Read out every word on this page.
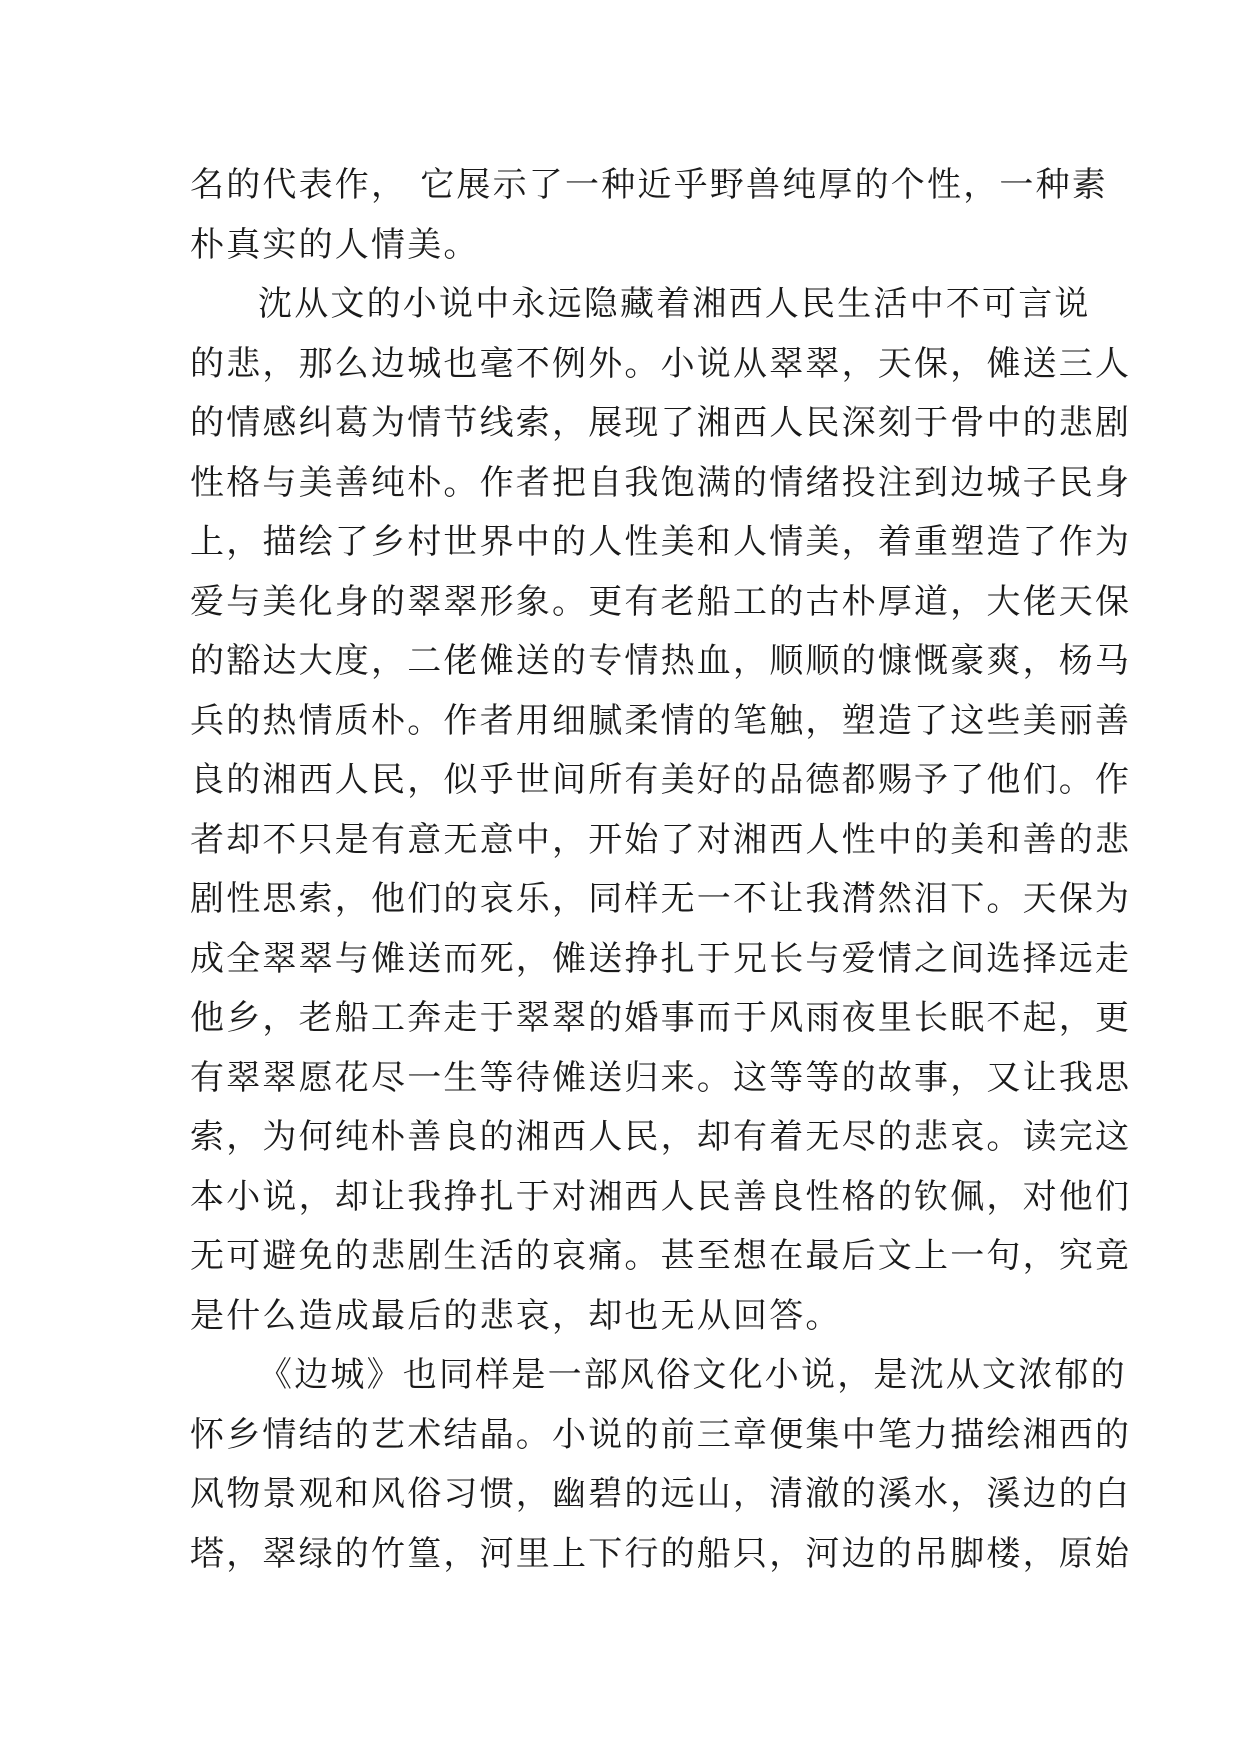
名的代表作， 它展示了一种近乎野兽纯厚的个性，一种素
朴真实的人情美。

沈从文的小说中永远隐藏着湘西人民生活中不可言说
的悲，那么边城也毫不例外。小说从翠翠，天保，傩送三人
的情感纠葛为情节线索，展现了湘西人民深刻于骨中的悲剧
性格与美善纯朴。作者把自我饱满的情绪投注到边城子民身
上，描绘了乡村世界中的人性美和人情美，着重塑造了作为
爱与美化身的翠翠形象。更有老船工的古朴厚道，大佬天保
的豁达大度，二佬傩送的专情热血，顺顺的慷慨豪爽，杨马
兵的热情质朴。作者用细腻柔情的笔触，塑造了这些美丽善
良的湘西人民，似乎世间所有美好的品德都赐予了他们。作
者却不只是有意无意中，开始了对湘西人性中的美和善的悲
剧性思索，他们的哀乐，同样无一不让我潸然泪下。天保为
成全翠翠与傩送而死，傩送挣扎于兄长与爱情之间选择远走
他乡，老船工奔走于翠翠的婚事而于风雨夜里长眠不起，更
有翠翠愿花尽一生等待傩送归来。这等等的故事，又让我思
索，为何纯朴善良的湘西人民，却有着无尽的悲哀。读完这
本小说，却让我挣扎于对湘西人民善良性格的钦佩，对他们
无可避免的悲剧生活的哀痛。甚至想在最后文上一句，究竟
是什么造成最后的悲哀，却也无从回答。

《边城》也同样是一部风俗文化小说，是沈从文浓郁的
怀乡情结的艺术结晶。小说的前三章便集中笔力描绘湘西的
风物景观和风俗习惯，幽碧的远山，清澈的溪水，溪边的白
塔，翠绿的竹篁，河里上下行的船只，河边的吊脚楼，原始
